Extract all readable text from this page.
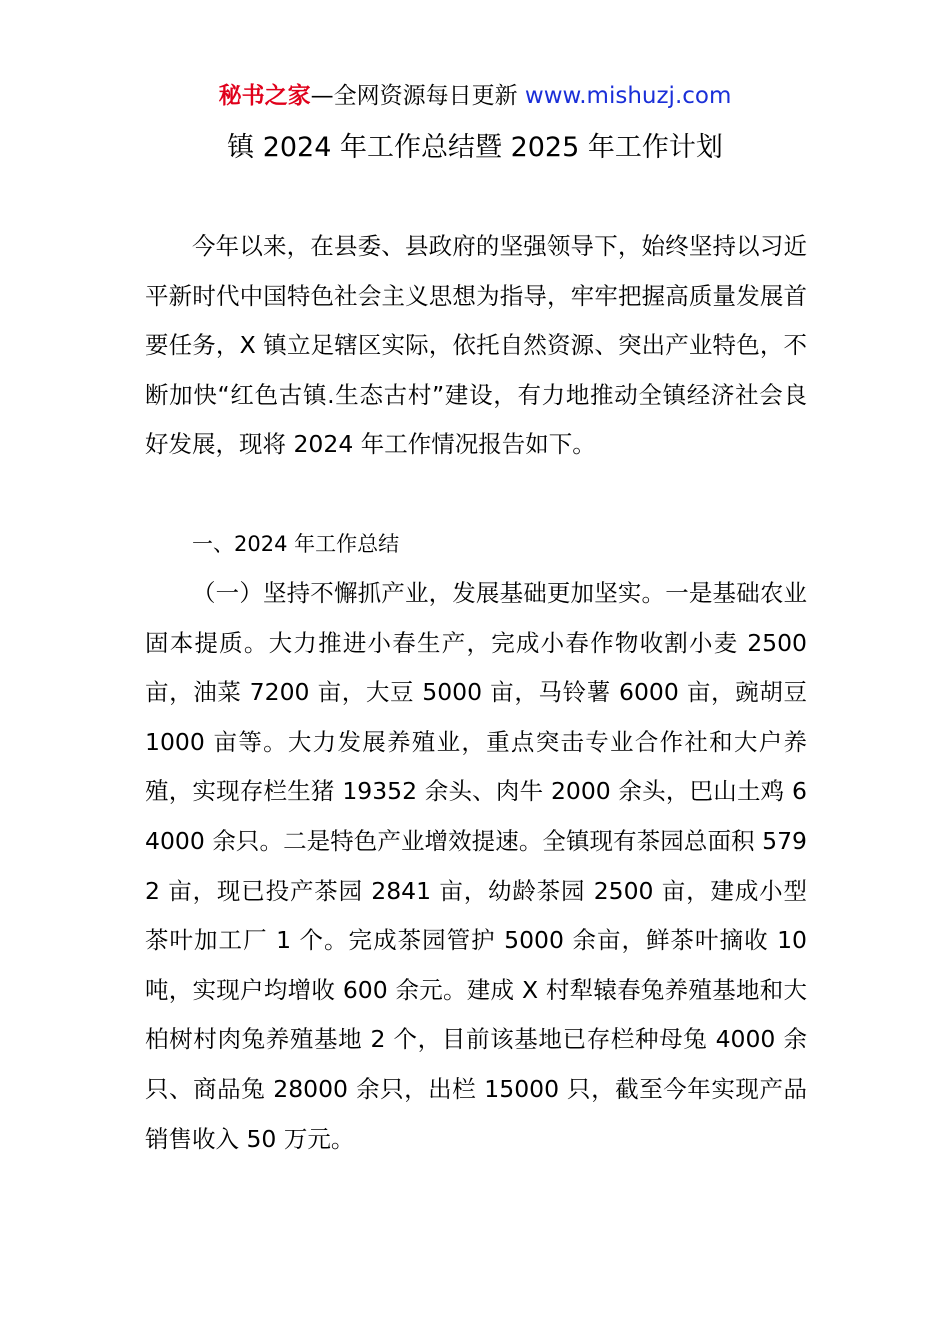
秘书之家—全网资源每日更新 www.mishuzj.com
镇 2024 年工作总结暨 2025 年工作计划
今年以来，在县委、县政府的坚强领导下，始终坚持以习近平新时代中国特色社会主义思想为指导，牢牢把握高质量发展首要任务，X 镇立足辖区实际，依托自然资源、突出产业特色，不断加快“红色古镇.生态古村”建设，有力地推动全镇经济社会良好发展，现将 2024 年工作情况报告如下。
一、2024 年工作总结
（一）坚持不懈抓产业，发展基础更加坚实。一是基础农业固本提质。大力推进小春生产，完成小春作物收割小麦 2500 亩，油菜 7200 亩，大豆 5000 亩，马铃薯 6000 亩，豌胡豆 1000 亩等。大力发展养殖业，重点突击专业合作社和大户养殖，实现存栏生猪 19352 余头、肉牛 2000 余头，巴山土鸡 64000 余只。二是特色产业增效提速。全镇现有茶园总面积 5792 亩，现已投产茶园 2841 亩，幼龄茶园 2500 亩，建成小型茶叶加工厂 1 个。完成茶园管护 5000 余亩，鲜茶叶摘收 10 吨，实现户均增收 600 余元。建成 X 村犁辕春兔养殖基地和大柏树村肉兔养殖基地 2 个，目前该基地已存栏种母兔 4000 余只、商品兔 28000 余只，出栏 15000 只，截至今年实现产品销售收入 50 万元。
